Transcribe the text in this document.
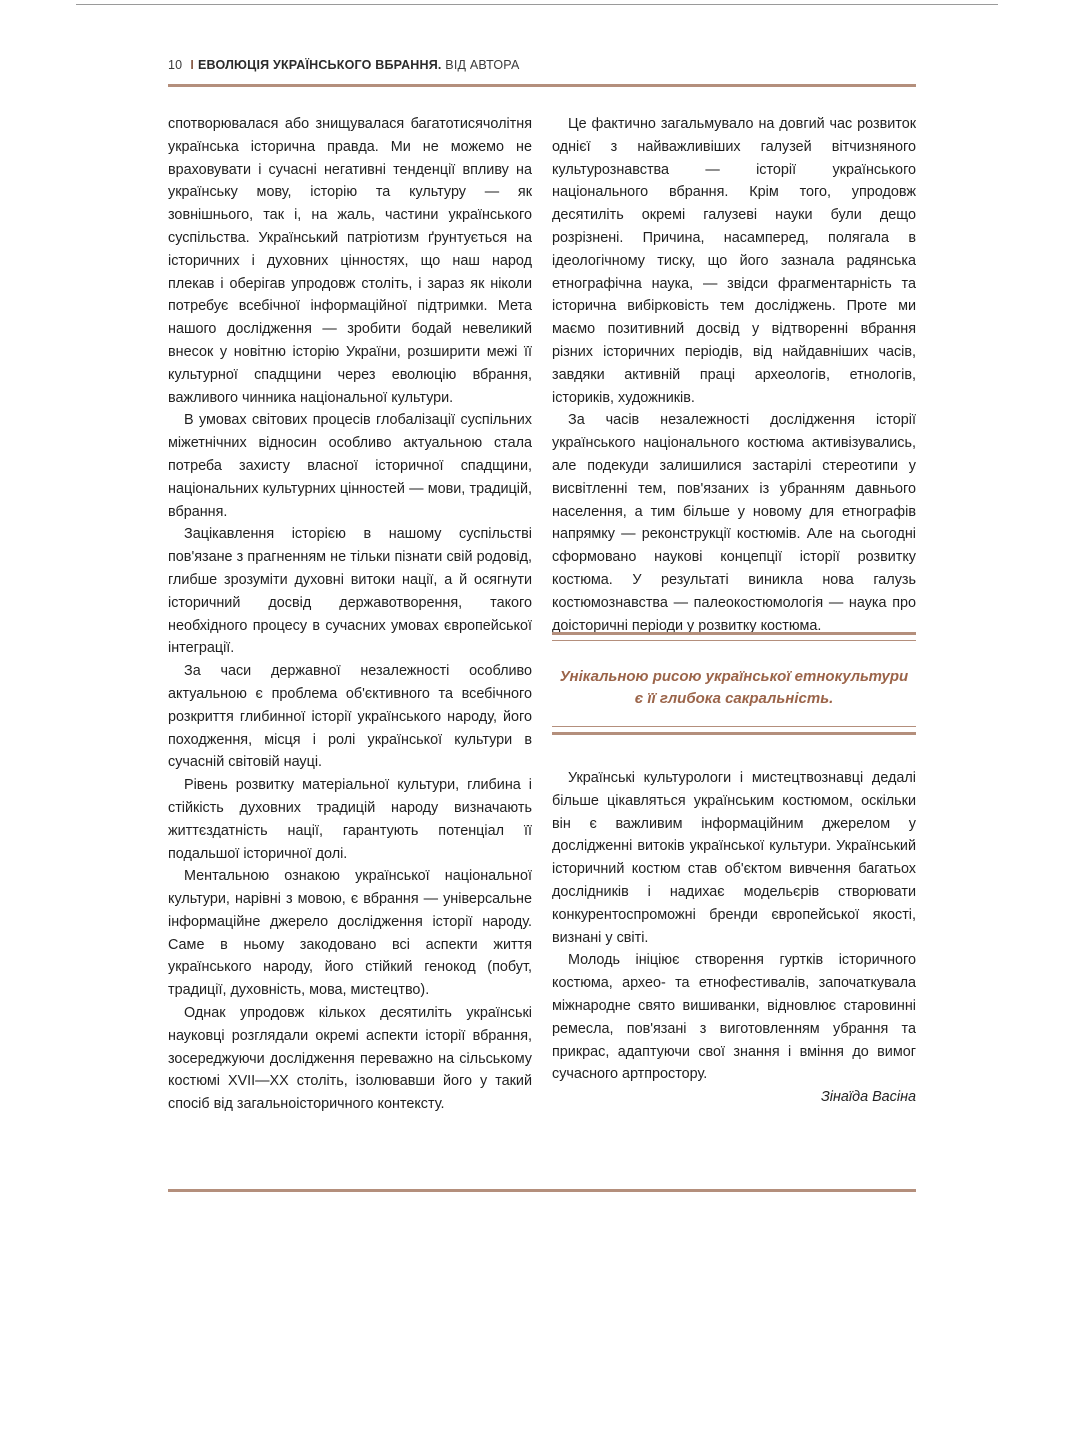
10 I ЕВОЛЮЦІЯ УКРАЇНСЬКОГО ВБРАННЯ. ВІД АВТОРА

спотворювалася або знищувалася багатотисячолітня українська історична правда. Ми не можемо не враховувати і сучасні негативні тенденції впливу на українську мову, історію та культуру — як зовнішнього, так і, на жаль, частини українського суспільства. Український патріотизм ґрунтується на історичних і духовних цінностях, що наш народ плекав і оберігав упродовж століть, і зараз як ніколи потребує всебічної інформаційної підтримки. Мета нашого дослідження — зробити бодай невеликий внесок у новітню історію України, розширити межі її культурної спадщини через еволюцію вбрання, важливого чинника національної культури.

В умовах світових процесів глобалізації суспільних міжетнічних відносин особливо актуальною стала потреба захисту власної історичної спадщини, національних культурних цінностей — мови, традицій, вбрання.

Зацікавлення історією в нашому суспільстві пов'язане з прагненням не тільки пізнати свій родовід, глибше зрозуміти духовні витоки нації, а й осягнути історичний досвід державотворення, такого необхідного процесу в сучасних умовах європейської інтеграції.

За часи державної незалежності особливо актуальною є проблема об'єктивного та всебічного розкриття глибинної історії українського народу, його походження, місця і ролі української культури в сучасній світовій науці.

Рівень розвитку матеріальної культури, глибина і стійкість духовних традицій народу визначають життєздатність нації, гарантують потенціал її подальшої історичної долі.

Ментальною ознакою української національної культури, нарівні з мовою, є вбрання — універсальне інформаційне джерело дослідження історії народу. Саме в ньому закодовано всі аспекти життя українського народу, його стійкий генокод (побут, традиції, духовність, мова, мистецтво).

Однак упродовж кількох десятиліть українські науковці розглядали окремі аспекти історії вбрання, зосереджуючи дослідження переважно на сільському костюмі XVII—XX століть, ізолювавши його у такий спосіб від загальноісторичного контексту.

Це фактично загальмувало на довгий час розвиток однієї з найважливіших галузей вітчизняного культурознавства — історії українського національного вбрання. Крім того, упродовж десятиліть окремі галузеві науки були дещо розрізнені. Причина, насамперед, полягала в ідеологічному тиску, що його зазнала радянська етнографічна наука, — звідси фрагментарність та історична вибірковість тем досліджень. Проте ми маємо позитивний досвід у відтворенні вбрання різних історичних періодів, від найдавніших часів, завдяки активній праці археологів, етнологів, істориків, художників.

За часів незалежності дослідження історії українського національного костюма активізувались, але подекуди залишилися застарілі стереотипи у висвітленні тем, пов'язаних із убранням давнього населення, а тим більше у новому для етнографів напрямку — реконструкції костюмів. Але на сьогодні сформовано наукові концепції історії розвитку костюма. У результаті виникла нова галузь костюмознавства — палеокостюмологія — наука про доісторичні періоди у розвитку костюма.

Унікальною рисою української етнокультури
є її глибока сакральність.

Українські культурологи і мистецтвознавці дедалі більше цікавляться українським костюмом, оскільки він є важливим інформаційним джерелом у дослідженні витоків української культури. Український історичний костюм став об'єктом вивчення багатьох дослідників і надихає модельєрів створювати конкурентоспроможні бренди європейської якості, визнані у світі.

Молодь ініціює створення гуртків історичного костюма, археo- та етнофестивалів, започаткувала міжнародне свято вишиванки, відновлює старовинні ремесла, пов'язані з виготовленням убрання та прикрас, адаптуючи свої знання і вміння до вимог сучасного артпростору.

Зінаїда Васіна
